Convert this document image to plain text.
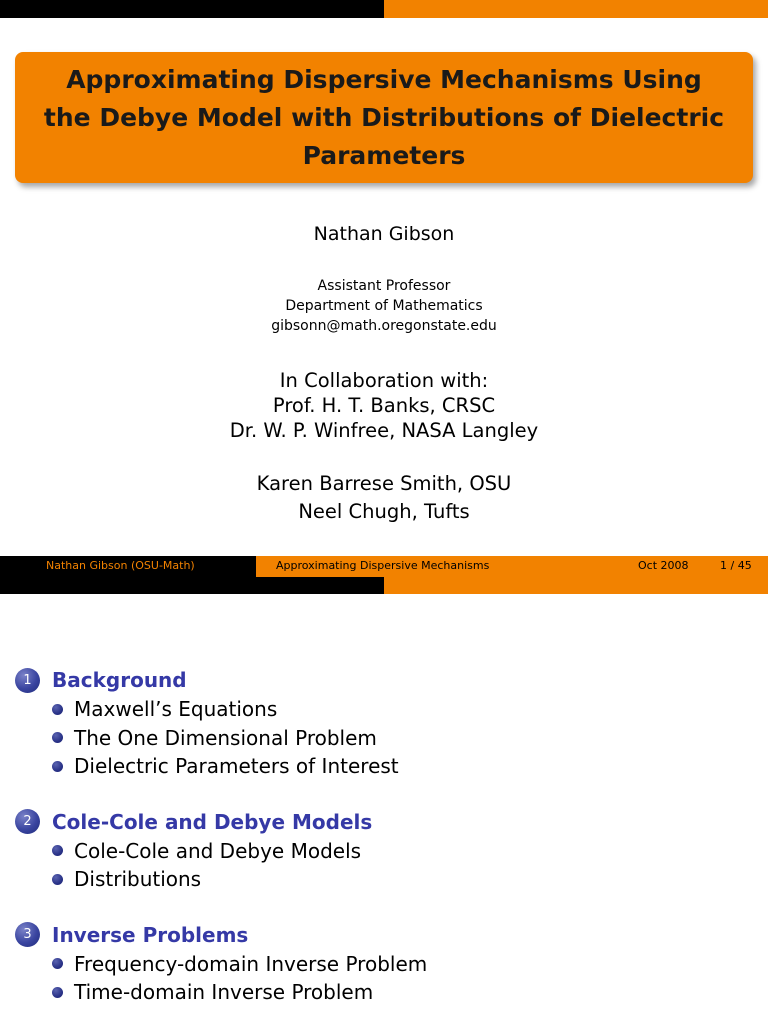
Approximating Dispersive Mechanisms Using the Debye Model with Distributions of Dielectric Parameters
Nathan Gibson
Assistant Professor
Department of Mathematics
gibsonn@math.oregonstate.edu
In Collaboration with:
Prof. H. T. Banks, CRSC
Dr. W. P. Winfree, NASA Langley
Karen Barrese Smith, OSU
Neel Chugh, Tufts
Nathan Gibson (OSU-Math)	Approximating Dispersive Mechanisms	Oct 2008	1 / 45
1	Background
Maxwell’s Equations
The One Dimensional Problem
Dielectric Parameters of Interest
2	Cole-Cole and Debye Models
Cole-Cole and Debye Models
Distributions
3	Inverse Problems
Frequency-domain Inverse Problem
Time-domain Inverse Problem
